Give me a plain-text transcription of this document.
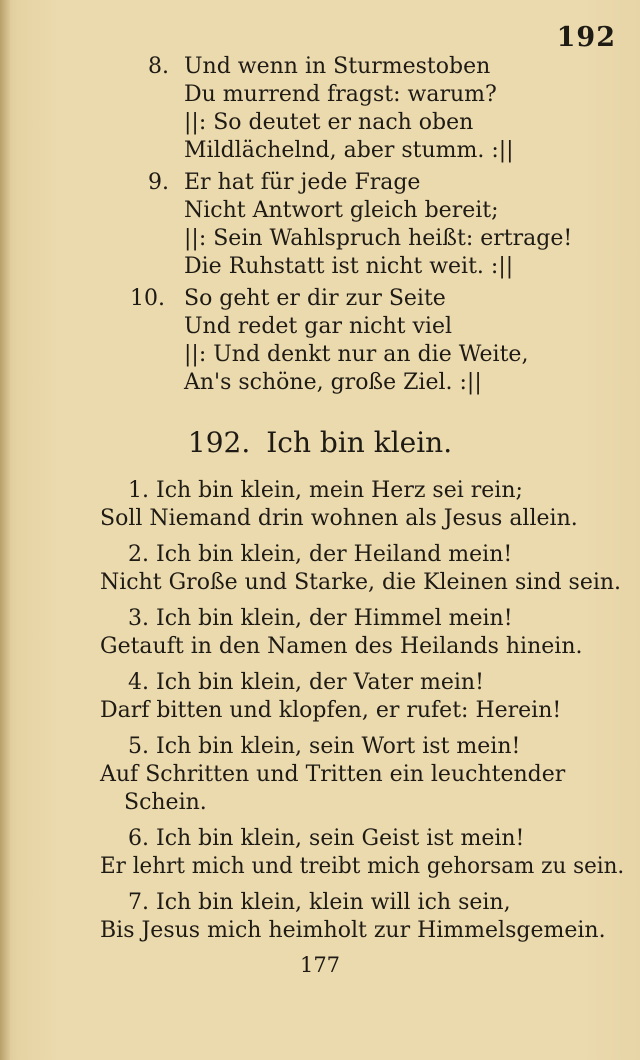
192
8. Und wenn in Sturmestoben
Du murrend fragst: warum?
||: So deutet er nach oben
Mildlächelnd, aber stumm. :||
9. Er hat für jede Frage
Nicht Antwort gleich bereit;
||: Sein Wahlspruch heißt: ertrage!
Die Ruhstatt ist nicht weit. :||
10. So geht er dir zur Seite
Und redet gar nicht viel
||: Und denkt nur an die Weite,
An's schöne, große Ziel. :||
192. Ich bin klein.
1. Ich bin klein, mein Herz sei rein;
Soll Niemand drin wohnen als Jesus allein.
2. Ich bin klein, der Heiland mein!
Nicht Große und Starke, die Kleinen sind sein.
3. Ich bin klein, der Himmel mein!
Getauft in den Namen des Heilands hinein.
4. Ich bin klein, der Vater mein!
Darf bitten und klopfen, er rufet: Herein!
5. Ich bin klein, sein Wort ist mein!
Auf Schritten und Tritten ein leuchtender
Schein.
6. Ich bin klein, sein Geist ist mein!
Er lehrt mich und treibt mich gehorsam zu sein.
7. Ich bin klein, klein will ich sein,
Bis Jesus mich heimholt zur Himmelsgemein.
177
